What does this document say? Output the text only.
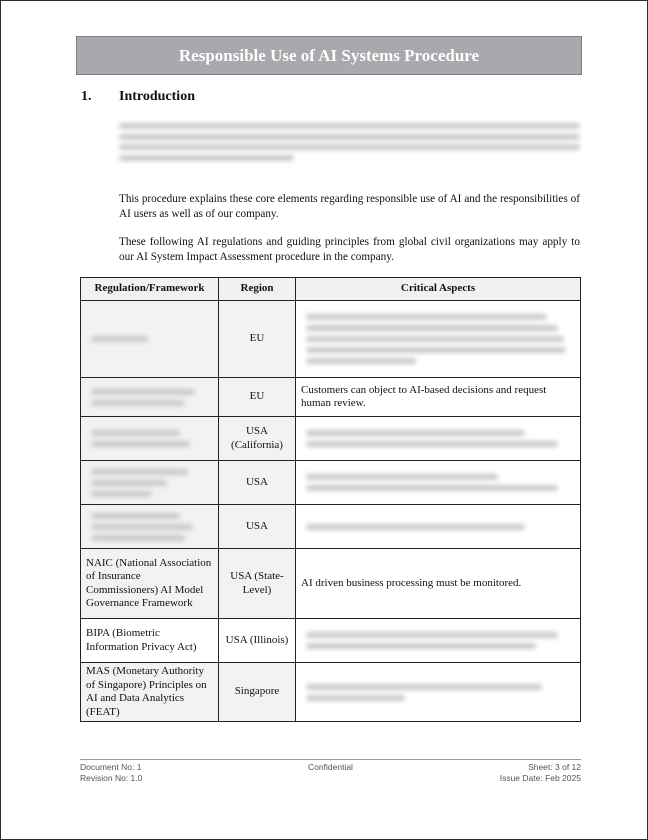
Responsible Use of AI Systems Procedure
1.	Introduction
This procedure explains these core elements regarding responsible use of AI and the responsibilities of AI users as well as of our company.
These following AI regulations and guiding principles from global civil organizations may apply to our AI System Impact Assessment procedure in the company.
Regulation/Framework	Region	Critical Aspects

	EU	

	EU	Customers can object to AI-based decisions and request human review.

	USA (California)	

	USA	

	USA	

NAIC (National Association of Insurance Commissioners) AI Model Governance Framework	USA (State-Level)	AI driven business processing must be monitored.
BIPA (Biometric Information Privacy Act)	USA (Illinois)	

MAS (Monetary Authority of Singapore) Principles on AI and Data Analytics (FEAT)	Singapore	
Document No: 1
Revision No: 1.0
Confidential	Sheet: 3 of 12
Issue Date: Feb 2025
